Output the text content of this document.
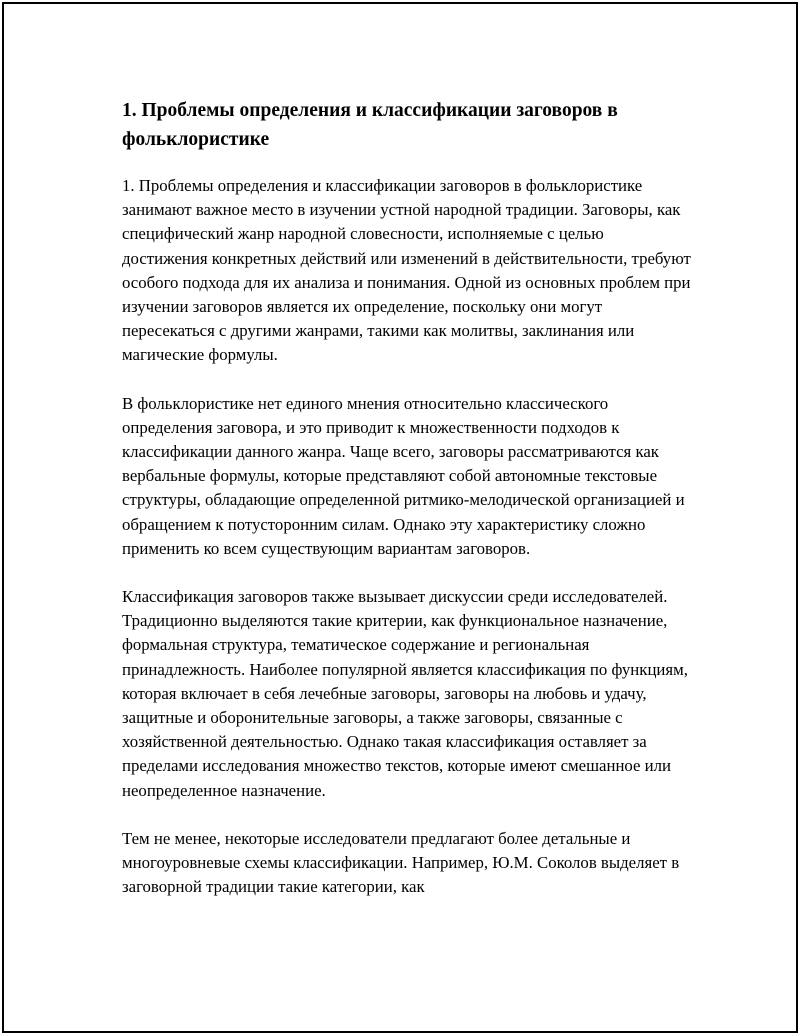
1. Проблемы определения и классификации заговоров в фольклористике

1. Проблемы определения и классификации заговоров в фольклористике занимают важное место в изучении устной народной традиции. Заговоры, как специфический жанр народной словесности, исполняемые с целью достижения конкретных действий или изменений в действительности, требуют особого подхода для их анализа и понимания. Одной из основных проблем при изучении заговоров является их определение, поскольку они могут пересекаться с другими жанрами, такими как молитвы, заклинания или магические формулы.

В фольклористике нет единого мнения относительно классического определения заговора, и это приводит к множественности подходов к классификации данного жанра. Чаще всего, заговоры рассматриваются как вербальные формулы, которые представляют собой автономные текстовые структуры, обладающие определенной ритмико-мелодической организацией и обращением к потусторонним силам. Однако эту характеристику сложно применить ко всем существующим вариантам заговоров.

Классификация заговоров также вызывает дискуссии среди исследователей. Традиционно выделяются такие критерии, как функциональное назначение, формальная структура, тематическое содержание и региональная принадлежность. Наиболее популярной является классификация по функциям, которая включает в себя лечебные заговоры, заговоры на любовь и удачу, защитные и оборонительные заговоры, а также заговоры, связанные с хозяйственной деятельностью. Однако такая классификация оставляет за пределами исследования множество текстов, которые имеют смешанное или неопределенное назначение.

Тем не менее, некоторые исследователи предлагают более детальные и многоуровневые схемы классификации. Например, Ю.М. Соколов выделяет в заговорной традиции такие категории, как
